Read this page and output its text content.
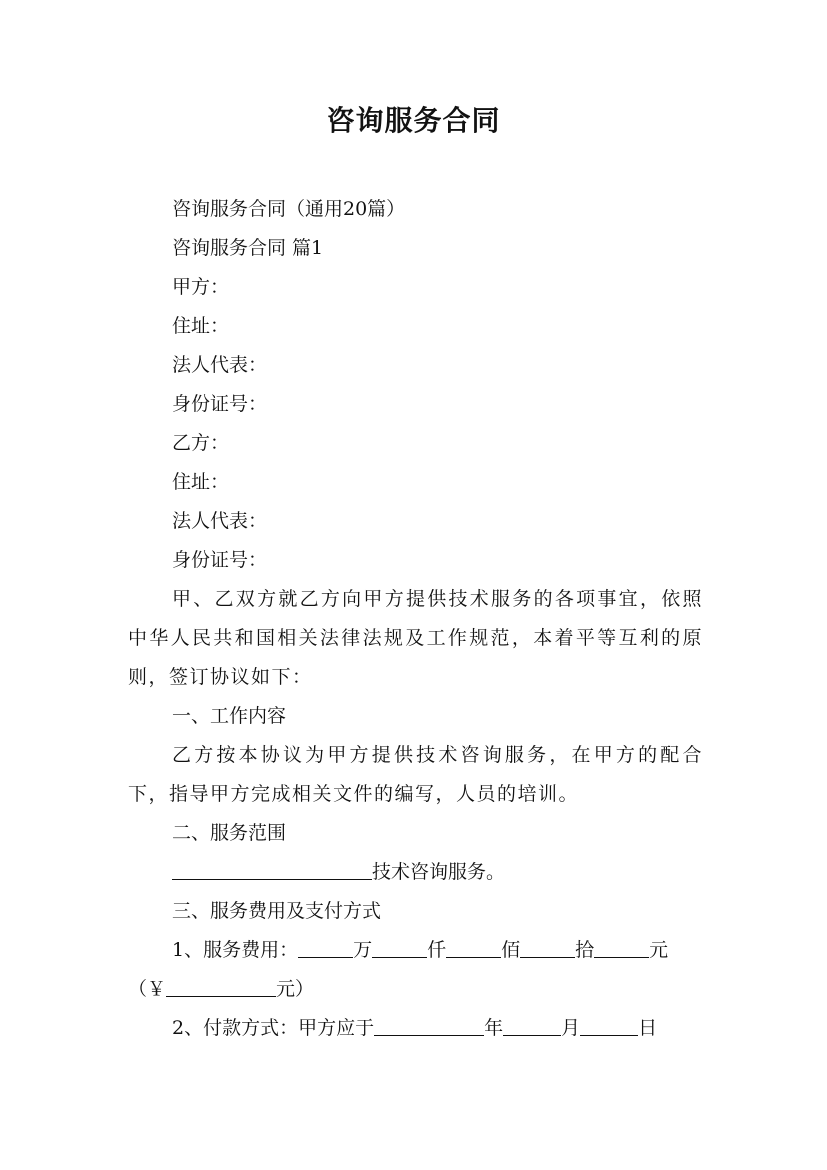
咨询服务合同
咨询服务合同（通用20篇）
咨询服务合同 篇1
甲方：
住址：
法人代表：
身份证号：
乙方：
住址：
法人代表：
身份证号：
甲、乙双方就乙方向甲方提供技术服务的各项事宜，依照中华人民共和国相关法律法规及工作规范，本着平等互利的原则，签订协议如下：
一、工作内容
乙方按本协议为甲方提供技术咨询服务，在甲方的配合下，指导甲方完成相关文件的编写，人员的培训。
二、服务范围
技术咨询服务。
三、服务费用及支付方式
1、服务费用：	万	仟	佰	拾	元
（￥	元）
2、付款方式：甲方应于	年	月	日
